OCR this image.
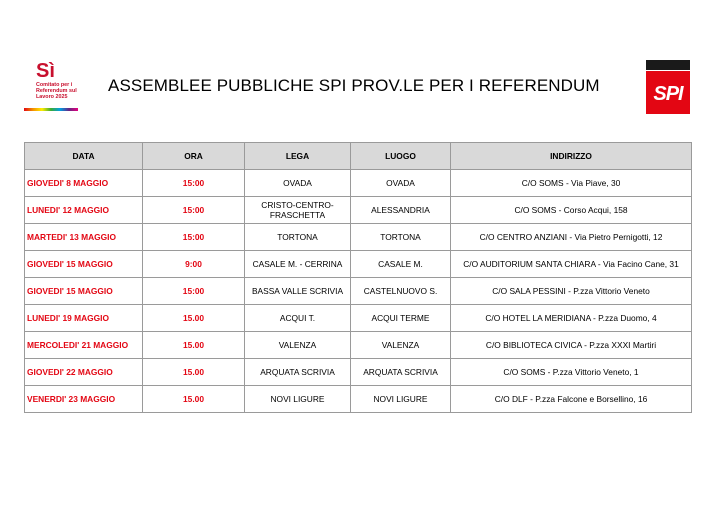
Sì
Comitato per i Referendum sul Lavoro 2025
ASSEMBLEE PUBBLICHE SPI PROV.LE PER I REFERENDUM	SPI
DATA	ORA	LEGA	LUOGO	INDIRIZZO
GIOVEDI' 8 MAGGIO	15:00	OVADA	OVADA	C/O SOMS - Via Piave, 30
LUNEDI' 12 MAGGIO	15:00	CRISTO-CENTRO-FRASCHETTA	ALESSANDRIA	C/O SOMS - Corso Acqui, 158
MARTEDI' 13 MAGGIO	15:00	TORTONA	TORTONA	C/O CENTRO ANZIANI - Via Pietro Pernigotti, 12
GIOVEDI' 15 MAGGIO	9:00	CASALE M. - CERRINA	CASALE M.	C/O AUDITORIUM SANTA CHIARA - Via Facino Cane, 31
GIOVEDI' 15 MAGGIO	15:00	BASSA VALLE SCRIVIA	CASTELNUOVO S.	C/O SALA PESSINI - P.zza Vittorio Veneto
LUNEDI' 19 MAGGIO	15.00	ACQUI T.	ACQUI TERME	C/O HOTEL LA MERIDIANA - P.zza Duomo, 4
MERCOLEDI' 21 MAGGIO	15.00	VALENZA	VALENZA	C/O BIBLIOTECA CIVICA - P.zza XXXI Martiri
GIOVEDI' 22 MAGGIO	15.00	ARQUATA SCRIVIA	ARQUATA SCRIVIA	C/O SOMS - P.zza Vittorio Veneto, 1
VENERDI' 23 MAGGIO	15.00	NOVI LIGURE	NOVI LIGURE	C/O DLF - P.zza Falcone e Borsellino, 16
